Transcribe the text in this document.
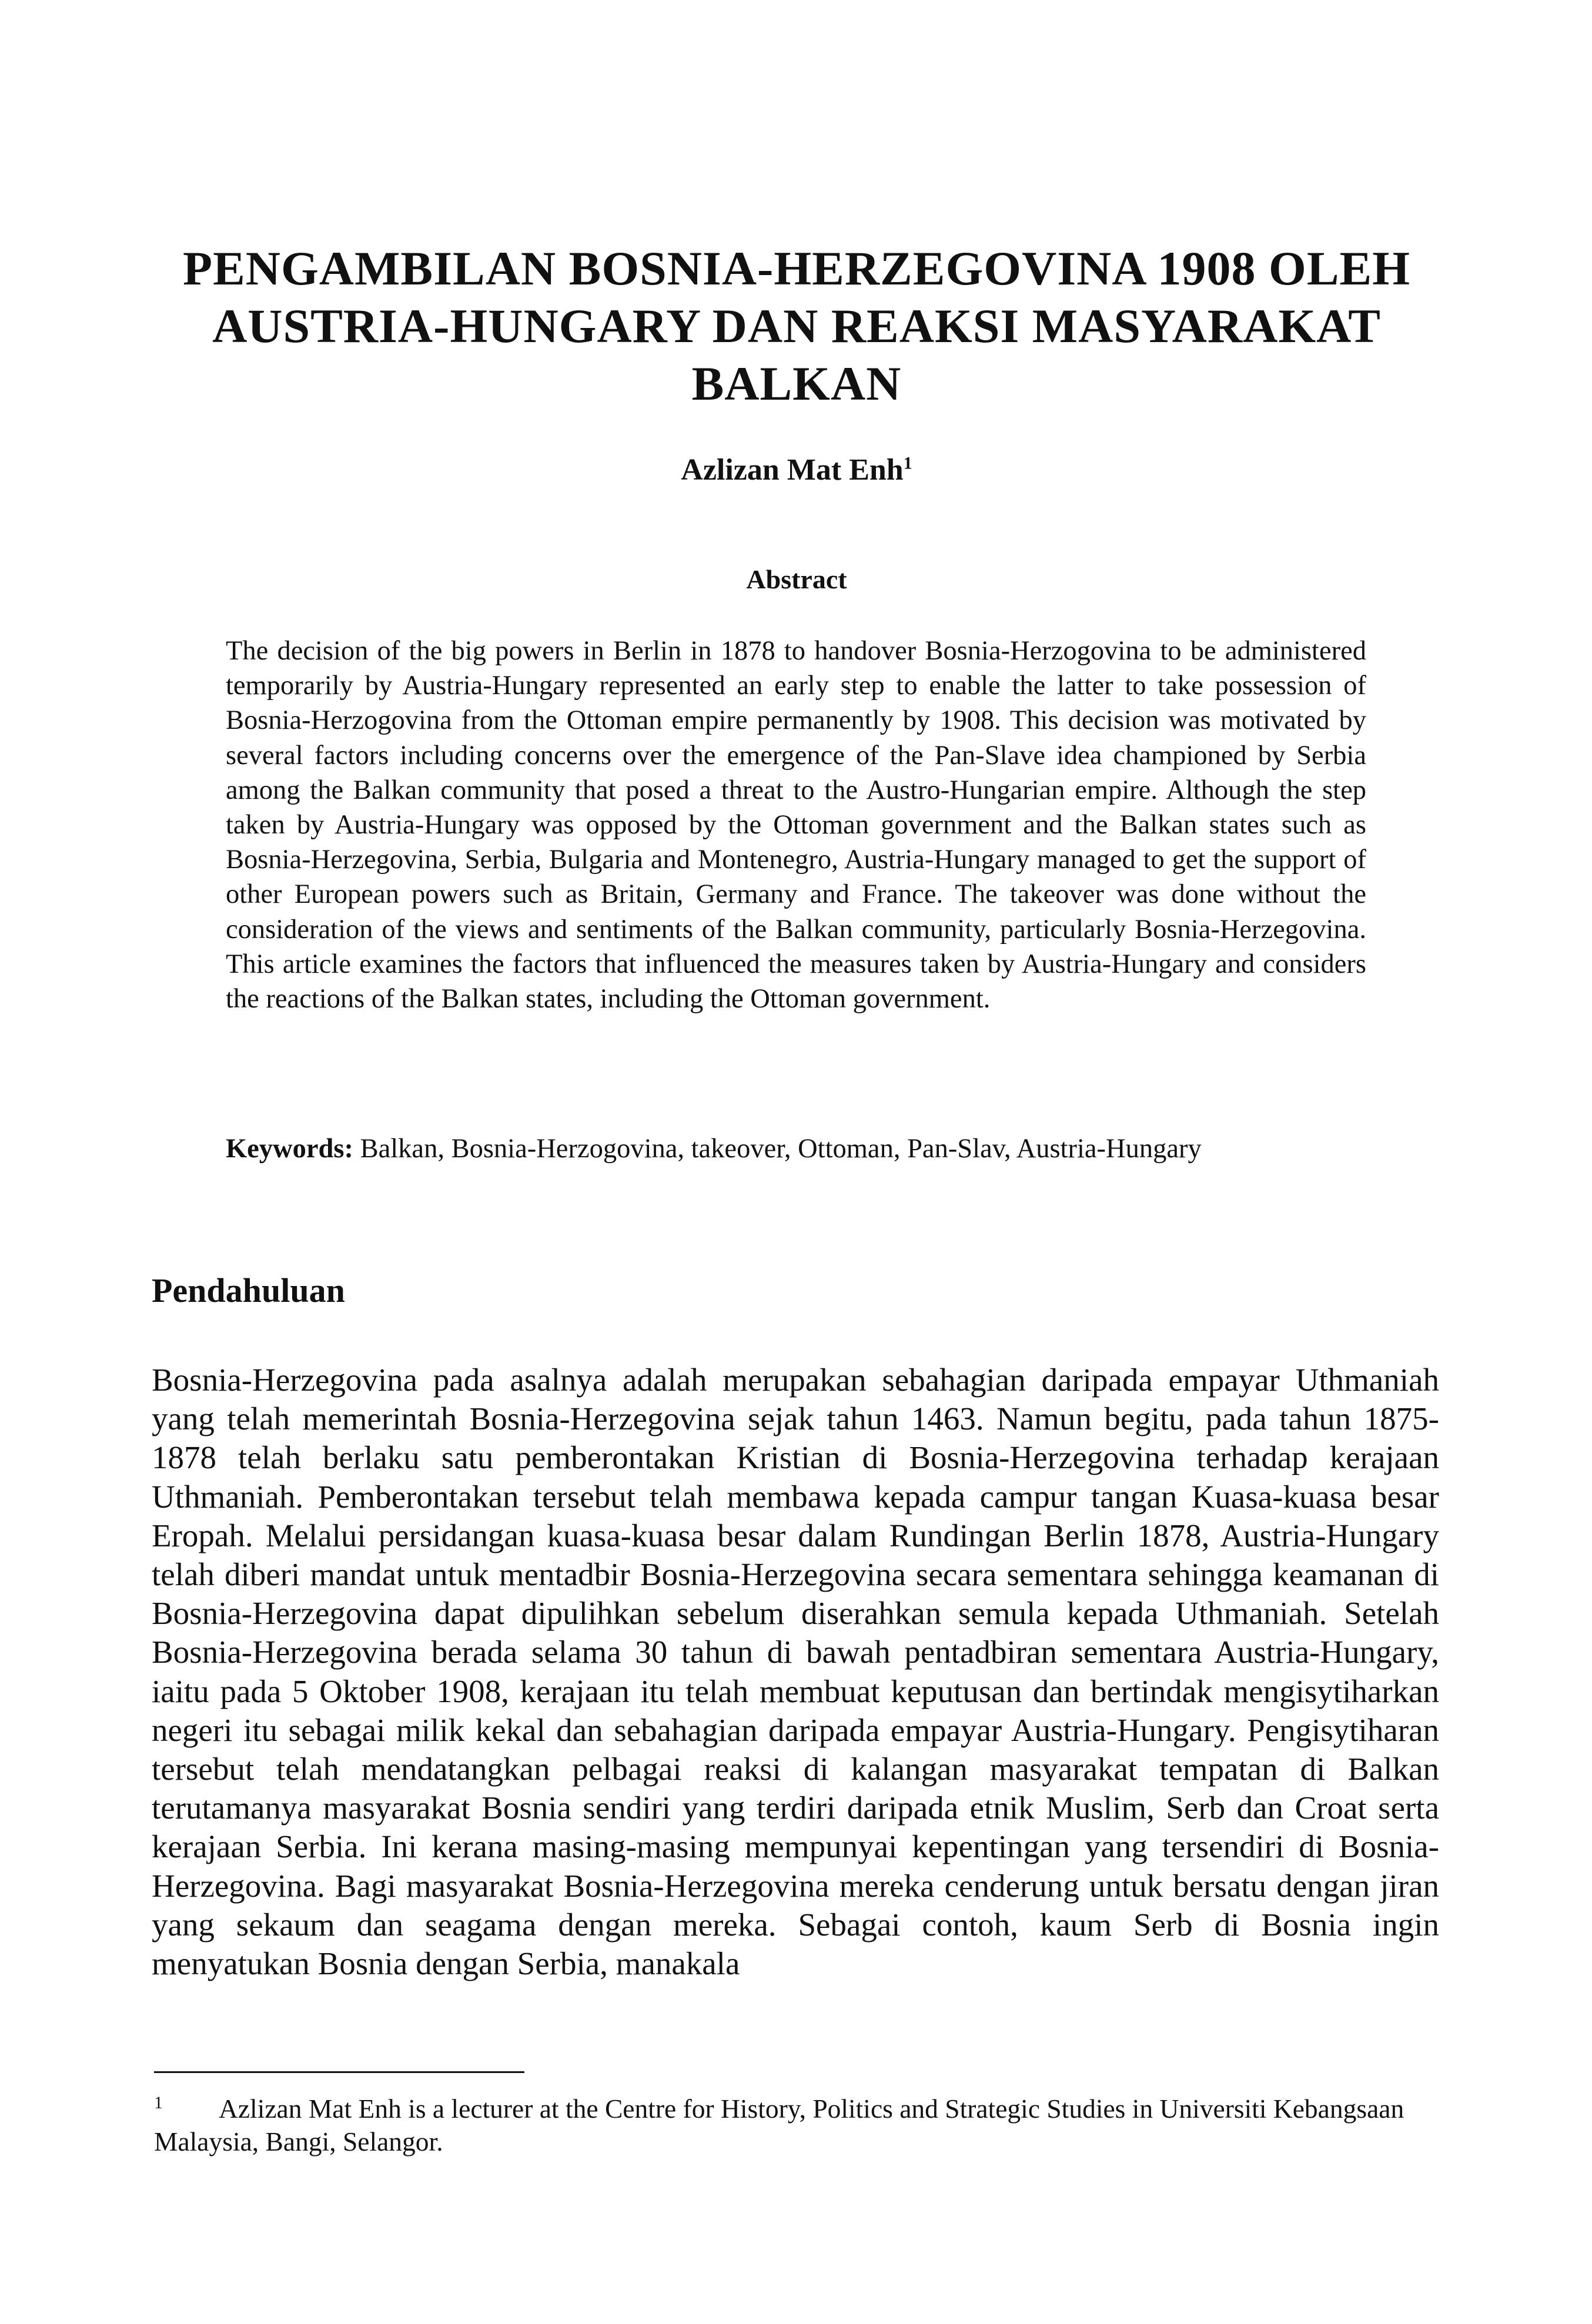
PENGAMBILAN BOSNIA-HERZEGOVINA 1908 OLEH
AUSTRIA-HUNGARY DAN REAKSI MASYARAKAT
BALKAN

Azlizan Mat Enh$^1$

Abstract

The decision of the big powers in Berlin in 1878 to handover Bosnia-Herzogovina to be administered temporarily by Austria-Hungary represented an early step to enable the latter to take possession of Bosnia-Herzogovina from the Ottoman empire permanently by 1908. This decision was motivated by several factors including concerns over the emergence of the Pan-Slave idea championed by Serbia among the Balkan community that posed a threat to the Austro-Hungarian empire. Although the step taken by Austria-Hungary was opposed by the Ottoman government and the Balkan states such as Bosnia-Herzegovina, Serbia, Bulgaria and Montenegro, Austria-Hungary managed to get the support of other European powers such as Britain, Germany and France. The takeover was done without the consideration of the views and sentiments of the Balkan community, particularly Bosnia-Herzegovina. This article examines the factors that influenced the measures taken by Austria-Hungary and considers the reactions of the Balkan states, including the Ottoman government.

Keywords: Balkan, Bosnia-Herzogovina, takeover, Ottoman, Pan-Slav, Austria-Hungary

Pendahuluan

Bosnia-Herzegovina pada asalnya adalah merupakan sebahagian daripada empayar Uthmaniah yang telah memerintah Bosnia-Herzegovina sejak tahun 1463. Namun begitu, pada tahun 1875-1878 telah berlaku satu pemberontakan Kristian di Bosnia-Herzegovina terhadap kerajaan Uthmaniah. Pemberontakan tersebut telah membawa kepada campur tangan Kuasa-kuasa besar Eropah. Melalui persidangan kuasa-kuasa besar dalam Rundingan Berlin 1878, Austria-Hungary telah diberi mandat untuk mentadbir Bosnia-Herzegovina secara sementara sehingga keamanan di Bosnia-Herzegovina dapat dipulihkan sebelum diserahkan semula kepada Uthmaniah. Setelah Bosnia-Herzegovina berada selama 30 tahun di bawah pentadbiran sementara Austria-Hungary, iaitu pada 5 Oktober 1908, kerajaan itu telah membuat keputusan dan bertindak mengisytiharkan negeri itu sebagai milik kekal dan sebahagian daripada empayar Austria-Hungary. Pengisytiharan tersebut telah mendatangkan pelbagai reaksi di kalangan masyarakat tempatan di Balkan terutamanya masyarakat Bosnia sendiri yang terdiri daripada etnik Muslim, Serb dan Croat serta kerajaan Serbia. Ini kerana masing-masing mempunyai kepentingan yang tersendiri di Bosnia-Herzegovina. Bagi masyarakat Bosnia-Herzegovina mereka cenderung untuk bersatu dengan jiran yang sekaum dan seagama dengan mereka. Sebagai contoh, kaum Serb di Bosnia ingin menyatukan Bosnia dengan Serbia, manakala

1 Azlizan Mat Enh is a lecturer at the Centre for History, Politics and Strategic Studies in Universiti Kebangsaan Malaysia, Bangi, Selangor.
